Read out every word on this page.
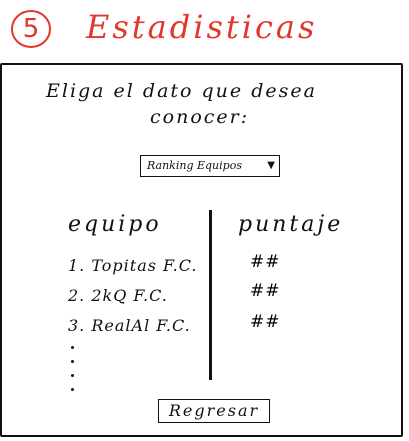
5	Estadisticas
Eliga el dato que desea
conocer:
Ranking Equipos	▼
equipo	puntaje
1. Topitas F.C.	##
2. 2kQ F.C.	##
3. RealAl F.C.	##
Regresar
